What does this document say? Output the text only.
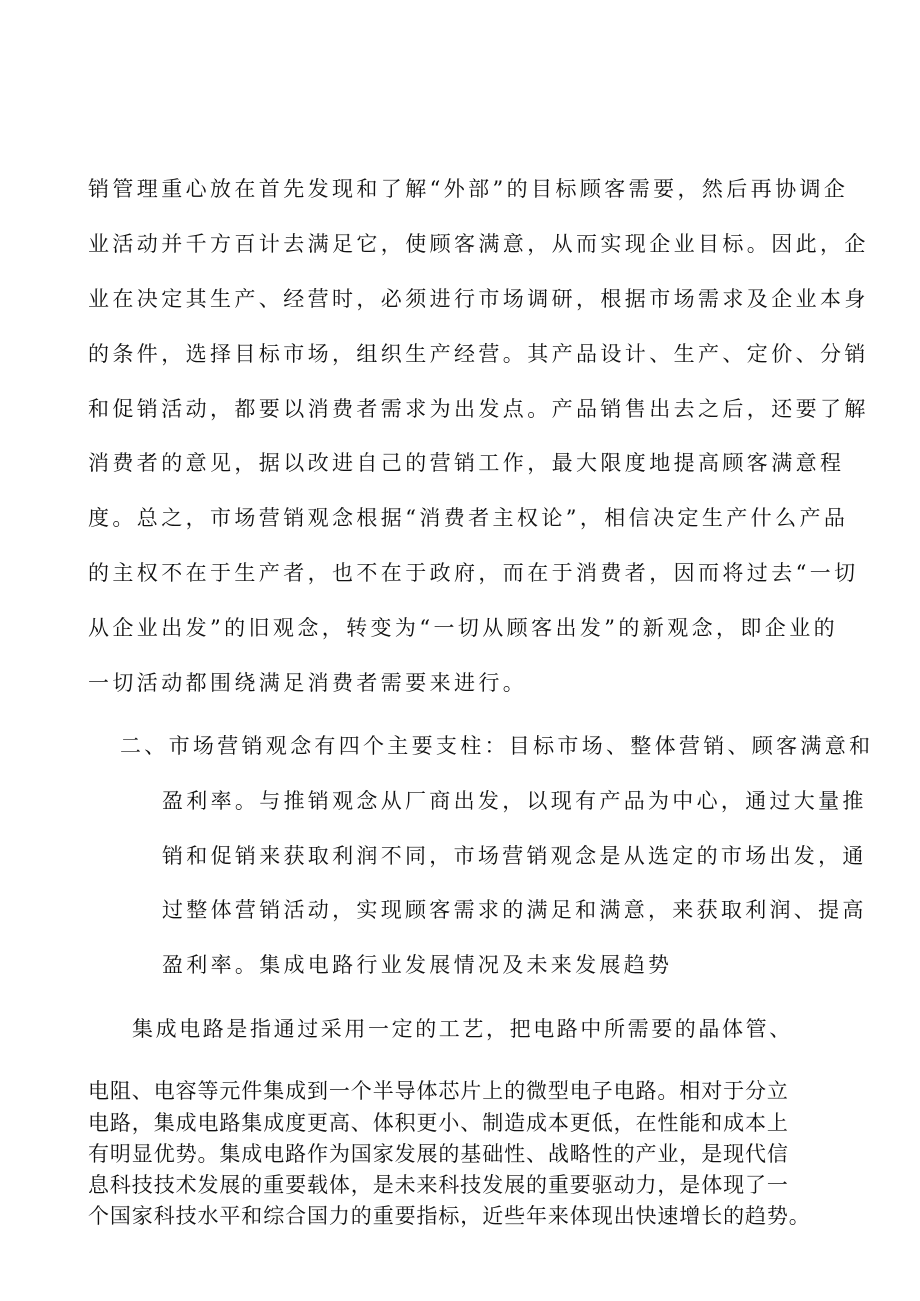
销管理重心放在首先发现和了解“外部”的目标顾客需要，然后再协调企

业活动并千方百计去满足它，使顾客满意，从而实现企业目标。因此，企

业在决定其生产、经营时，必须进行市场调研，根据市场需求及企业本身

的条件，选择目标市场，组织生产经营。其产品设计、生产、定价、分销

和促销活动，都要以消费者需求为出发点。产品销售出去之后，还要了解

消费者的意见，据以改进自己的营销工作，最大限度地提高顾客满意程

度。总之，市场营销观念根据“消费者主权论”，相信决定生产什么产品

的主权不在于生产者，也不在于政府，而在于消费者，因而将过去“一切

从企业出发”的旧观念，转变为“一切从顾客出发”的新观念，即企业的

一切活动都围绕满足消费者需要来进行。

二、市场营销观念有四个主要支柱：目标市场、整体营销、顾客满意和

盈利率。与推销观念从厂商出发，以现有产品为中心，通过大量推

销和促销来获取利润不同，市场营销观念是从选定的市场出发，通

过整体营销活动，实现顾客需求的满足和满意，来获取利润、提高

盈利率。集成电路行业发展情况及未来发展趋势

集成电路是指通过采用一定的工艺，把电路中所需要的晶体管、

电阻、电容等元件集成到一个半导体芯片上的微型电子电路。相对于分立

电路，集成电路集成度更高、体积更小、制造成本更低，在性能和成本上

有明显优势。集成电路作为国家发展的基础性、战略性的产业，是现代信

息科技技术发展的重要载体，是未来科技发展的重要驱动力，是体现了一

个国家科技水平和综合国力的重要指标，近些年来体现出快速增长的趋势。
